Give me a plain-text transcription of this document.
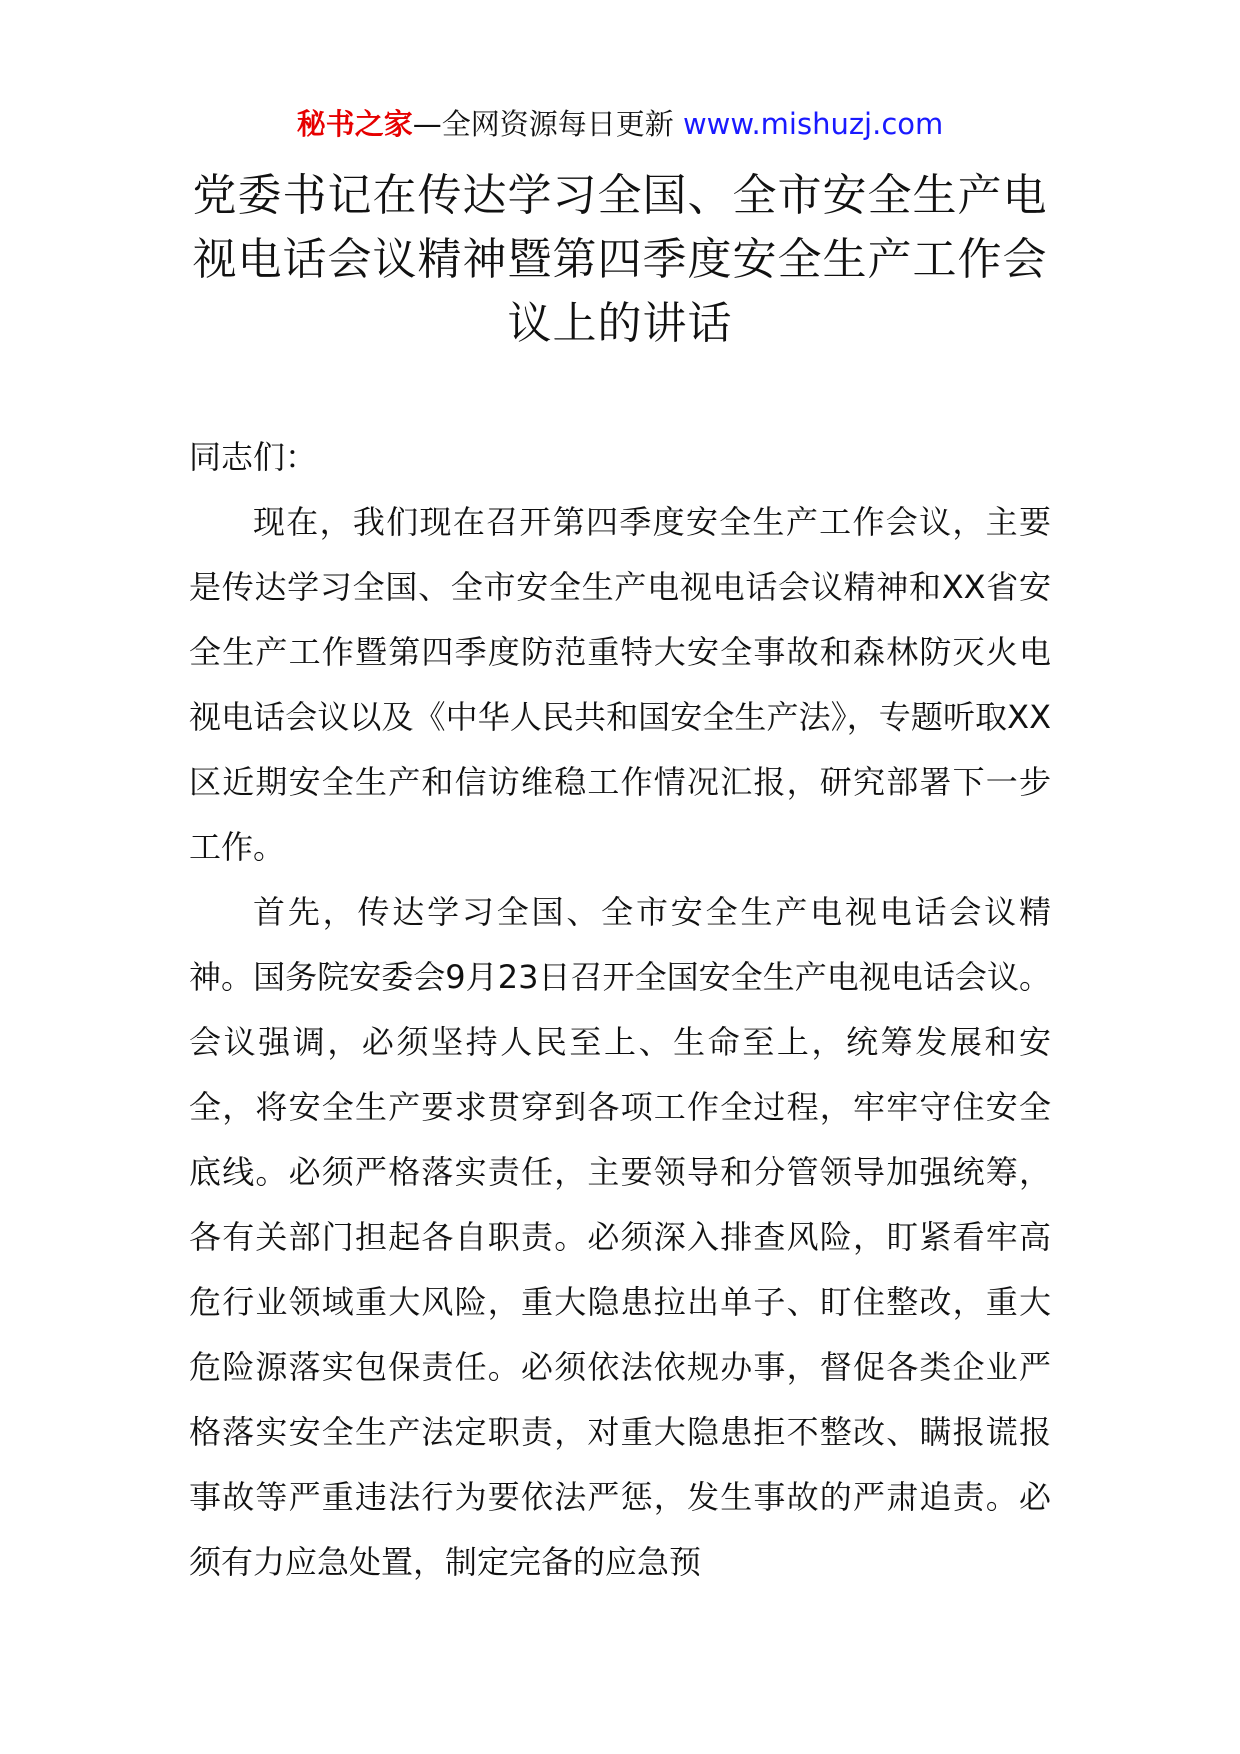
秘书之家—全网资源每日更新 www.mishuzj.com
党委书记在传达学习全国、全市安全生产电视电话会议精神暨第四季度安全生产工作会议上的讲话

同志们：

现在，我们现在召开第四季度安全生产工作会议，主要是传达学习全国、全市安全生产电视电话会议精神和XX省安全生产工作暨第四季度防范重特大安全事故和森林防灭火电视电话会议以及《中华人民共和国安全生产法》，专题听取XX区近期安全生产和信访维稳工作情况汇报，研究部署下一步工作。

首先，传达学习全国、全市安全生产电视电话会议精神。国务院安委会9月23日召开全国安全生产电视电话会议。会议强调，必须坚持人民至上、生命至上，统筹发展和安全，将安全生产要求贯穿到各项工作全过程，牢牢守住安全底线。必须严格落实责任，主要领导和分管领导加强统筹，各有关部门担起各自职责。必须深入排查风险，盯紧看牢高危行业领域重大风险，重大隐患拉出单子、盯住整改，重大危险源落实包保责任。必须依法依规办事，督促各类企业严格落实安全生产法定职责，对重大隐患拒不整改、瞒报谎报事故等严重违法行为要依法严惩，发生事故的严肃追责。必须有力应急处置，制定完备的应急预
